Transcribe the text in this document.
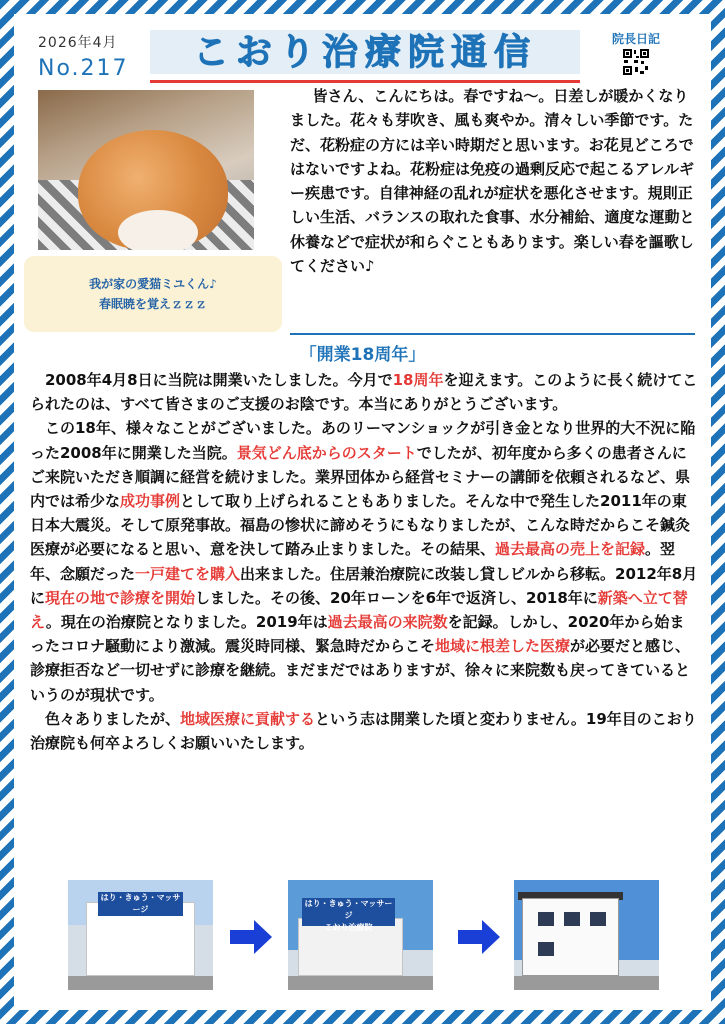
2026年4月
No.217	こおり治療院通信	院長日記
我が家の愛猫ミユくん♪
春眠暁を覚えｚｚｚ
皆さん、こんにちは。春ですね〜。日差しが暖かくなりました。花々も芽吹き、風も爽やか。清々しい季節です。ただ、花粉症の方には辛い時期だと思います。お花見どころではないですよね。花粉症は免疫の過剰反応で起こるアレルギー疾患です。自律神経の乱れが症状を悪化させます。規則正しい生活、バランスの取れた食事、水分補給、適度な運動と休養などで症状が和らぐこともあります。楽しい春を謳歌してください♪
「開業18周年」

2008年4月8日に当院は開業いたしました。今月で18周年を迎えます。このように長く続けてこられたのは、すべて皆さまのご支援のお陰です。本当にありがとうございます。

この18年、様々なことがございました。あのリーマンショックが引き金となり世界的大不況に陥った2008年に開業した当院。景気どん底からのスタートでしたが、初年度から多くの患者さんにご来院いただき順調に経営を続けました。業界団体から経営セミナーの講師を依頼されるなど、県内では希少な成功事例として取り上げられることもありました。そんな中で発生した2011年の東日本大震災。そして原発事故。福島の惨状に諦めそうにもなりましたが、こんな時だからこそ鍼灸医療が必要になると思い、意を決して踏み止まりました。その結果、過去最高の売上を記録。翌年、念願だった一戸建てを購入出来ました。住居兼治療院に改装し貸しビルから移転。2012年8月に現在の地で診療を開始しました。その後、20年ローンを6年で返済し、2018年に新築へ立て替え。現在の治療院となりました。2019年は過去最高の来院数を記録。しかし、2020年から始まったコロナ騒動により激減。震災時同様、緊急時だからこそ地域に根差した医療が必要だと感じ、診療拒否など一切せずに診療を継続。まだまだではありますが、徐々に来院数も戻ってきているというのが現状です。

色々ありましたが、地域医療に貢献するという志は開業した頃と変わりません。19年目のこおり治療院も何卒よろしくお願いいたします。

はり・きゅう・マッサージ
こおり治療院
はり・きゅう・マッサージ
こおり治療院
